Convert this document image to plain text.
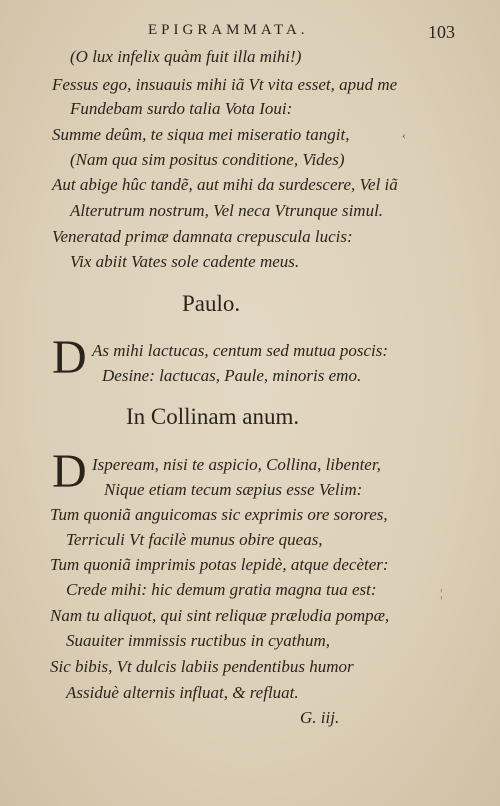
EPIGRAMMATA.	103
(O lux infelix quàm fuit illa mihi!)
Fessus ego, insuauis mihi iã Vt vita esset, apud me
Fundebam surdo talia Vota Ioui:
Summe deûm, te siqua mei miseratio tangit,
(Nam qua sim positus conditione, Vides)
Aut abige hûc tandẽ, aut mihi da surdescere, Vel iã
Alterutrum nostrum, Vel neca Vtrunque simul.
Veneratad primæ damnata crepuscula lucis:
Vix abiit Vates sole cadente meus.
‹
Paulo.
D As mihi lactucas, centum sed mutua poscis:
Desine: lactucas, Paule, minoris emo.
In Collinam anum.
D Ispeream, nisi te aspicio, Collina, libenter,
Nique etiam tecum sæpius esse Velim:
Tum quoniã anguicomas sic exprimis ore sorores,
Terriculi Vt facilè munus obire queas,
Tum quoniã imprimis potas lepidè, atque decèter:
Crede mihi: hic demum gratia magna tua est:
Nam tu aliquot, qui sint reliquæ prælυdia pompæ,
Suauiter immissis ructibus in cyathum,
Sic bibis, Vt dulcis labiis pendentibus humor
Assiduè alternis influat, & refluat.
¦
G. iij.
